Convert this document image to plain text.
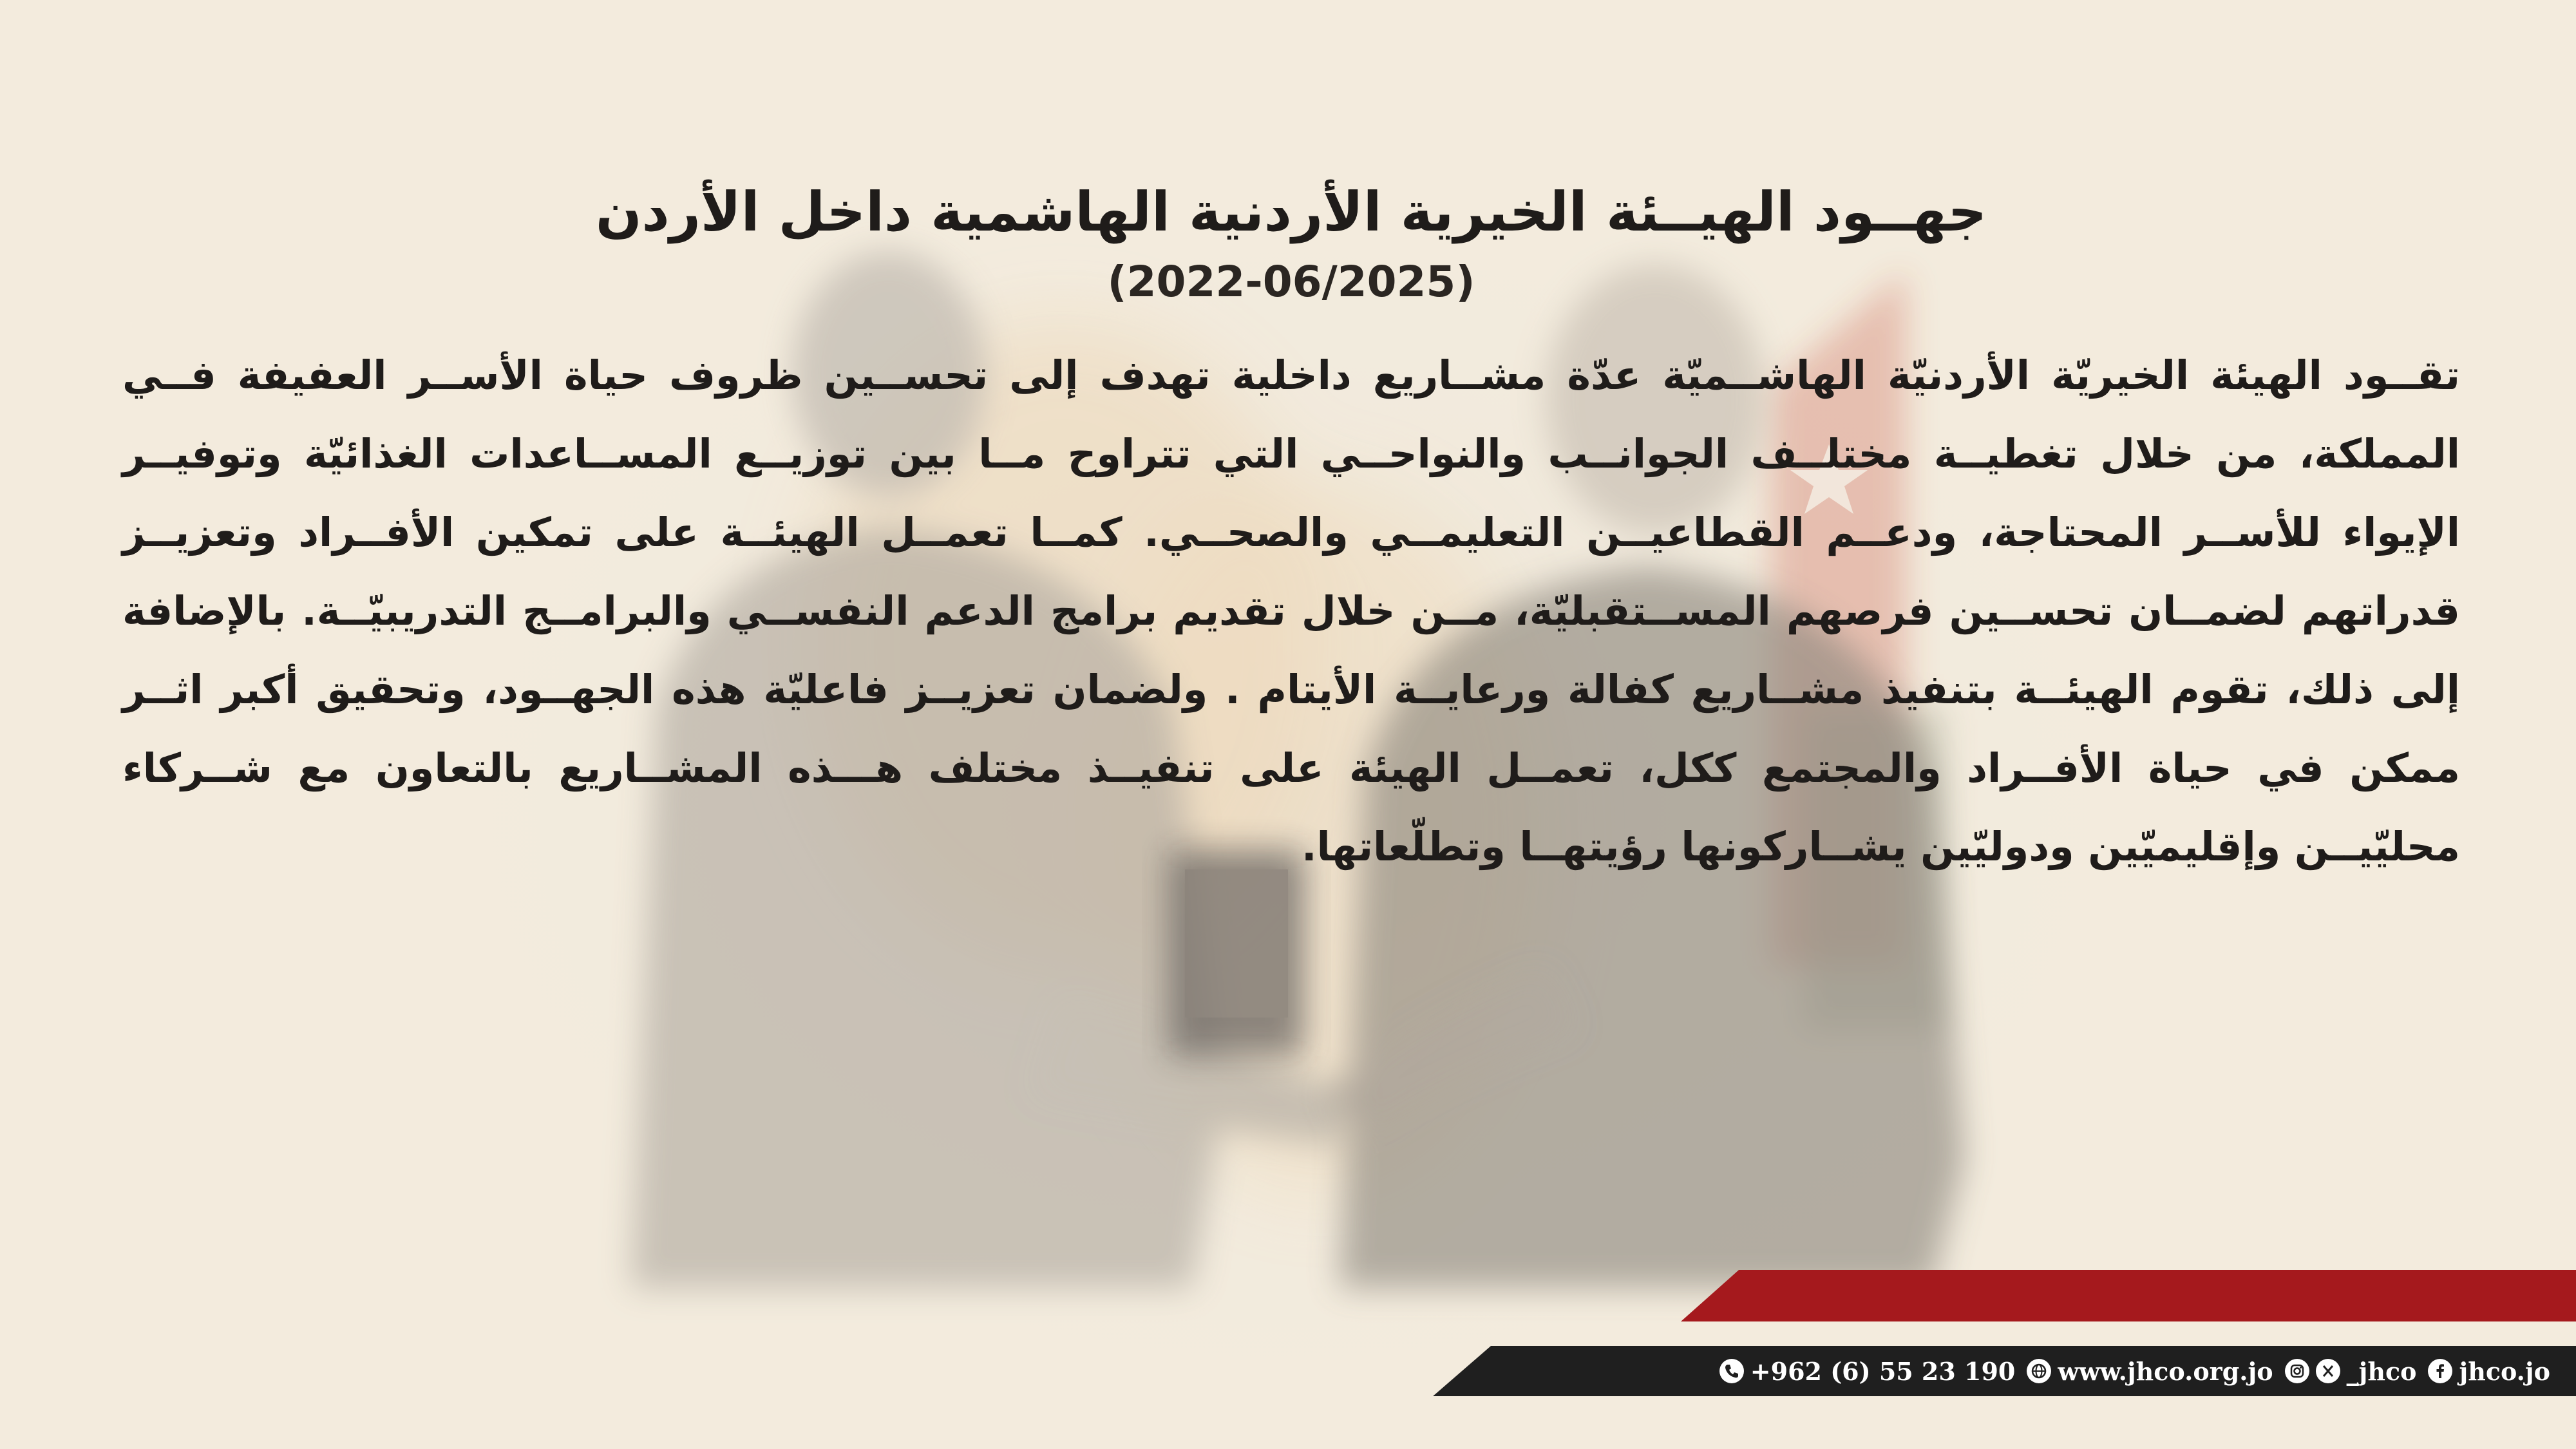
جهــود الهيــئة الخيرية الأردنية الهاشمية داخل الأردن
(2022-06/2025)
تقــود الهيئة الخيريّة الأردنيّة الهاشــميّة عدّة مشــاريع داخلية تهدف إلى تحســين ظروف حياة الأســر العفيفة فــي المملكة، من خلال تغطيــة مختلــف الجوانــب والنواحــي التي تتراوح مــا بين توزيــع المســاعدات الغذائيّة وتوفيــر الإيواء للأســر المحتاجة، ودعــم القطاعيــن التعليمــي والصحــي. كمــا تعمــل الهيئــة على تمكين الأفــراد وتعزيــز قدراتهم لضمــان تحســين فرصهم المســتقبليّة، مــن خلال تقديم برامج الدعم النفســي والبرامــج التدريبيّــة. بالإضافة إلى ذلك، تقوم الهيئــة بتنفيذ مشــاريع كفالة ورعايــة الأيتام . ولضمان تعزيــز فاعليّة هذه الجهــود، وتحقيق أكبر اثــر ممكن في حياة الأفــراد والمجتمع ككل، تعمــل الهيئة على تنفيــذ مختلف هـــذه المشــاريع بالتعاون مع شــركاء محليّيــن وإقليميّين ودوليّين يشــاركونها رؤيتهــا وتطلّعاتها.
+962 (6) 55 23 190 www.jhco.org.jo	_jhco jhco.jo
